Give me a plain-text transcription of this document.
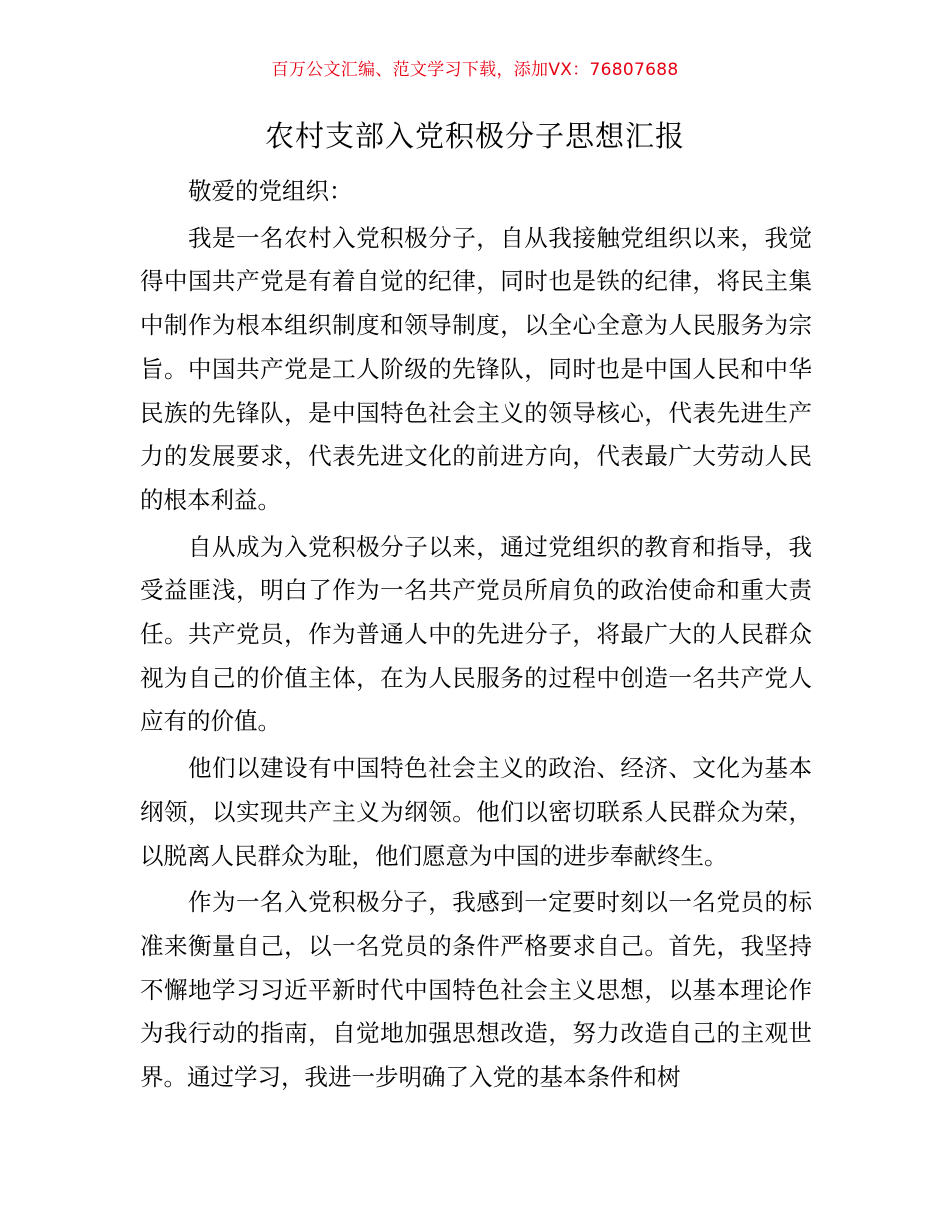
百万公文汇编、范文学习下载，添加VX：76807688
农村支部入党积极分子思想汇报

敬爱的党组织：

我是一名农村入党积极分子，自从我接触党组织以来，我觉得中国共产党是有着自觉的纪律，同时也是铁的纪律，将民主集中制作为根本组织制度和领导制度，以全心全意为人民服务为宗旨。中国共产党是工人阶级的先锋队，同时也是中国人民和中华民族的先锋队，是中国特色社会主义的领导核心，代表先进生产力的发展要求，代表先进文化的前进方向，代表最广大劳动人民的根本利益。

自从成为入党积极分子以来，通过党组织的教育和指导，我受益匪浅，明白了作为一名共产党员所肩负的政治使命和重大责任。共产党员，作为普通人中的先进分子，将最广大的人民群众视为自己的价值主体，在为人民服务的过程中创造一名共产党人应有的价值。

他们以建设有中国特色社会主义的政治、经济、文化为基本纲领，以实现共产主义为纲领。他们以密切联系人民群众为荣，以脱离人民群众为耻，他们愿意为中国的进步奉献终生。

作为一名入党积极分子，我感到一定要时刻以一名党员的标准来衡量自己，以一名党员的条件严格要求自己。首先，我坚持不懈地学习习近平新时代中国特色社会主义思想，以基本理论作为我行动的指南，自觉地加强思想改造，努力改造自己的主观世界。通过学习，我进一步明确了入党的基本条件和树
